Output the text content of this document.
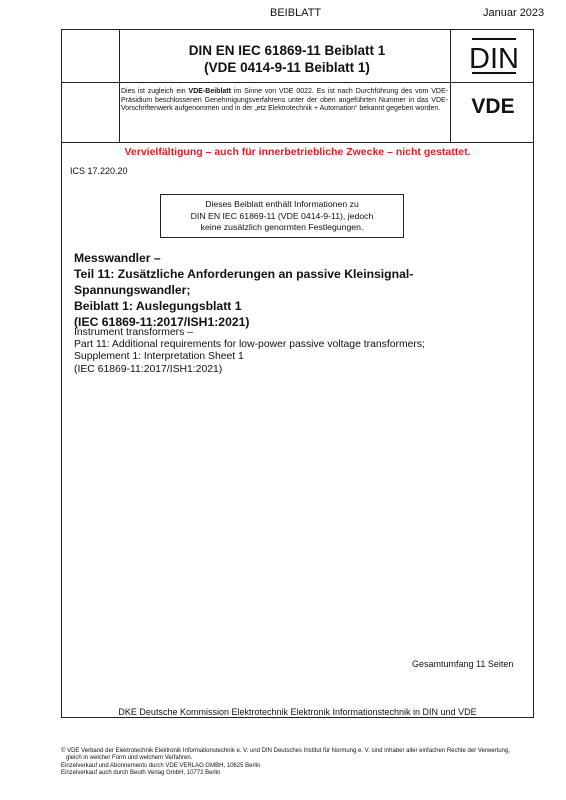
BEIBLATT	Januar 2023
DIN EN IEC 61869-11 Beiblatt 1
(VDE 0414-9-11 Beiblatt 1)	DIN
Dies ist zugleich ein VDE-Beiblatt im Sinne von VDE 0022. Es ist nach Durchführung des vom VDE-Präsidium beschlossenen Genehmigungsverfahrens unter der oben angeführten Nummer in das VDE-Vorschriftenwerk aufgenommen und in der „etz Elektrotechnik + Automation“ bekannt gegeben worden.	VDE
Vervielfältigung – auch für innerbetriebliche Zwecke – nicht gestattet.
ICS 17.220.20
Dieses Beiblatt enthält Informationen zu
DIN EN IEC 61869-11 (VDE 0414-9-11), jedoch
keine zusätzlich genormten Festlegungen.
Messwandler –
Teil 11: Zusätzliche Anforderungen an passive Kleinsignal-
Spannungswandler;
Beiblatt 1: Auslegungsblatt 1
(IEC 61869-11:2017/ISH1:2021)
Instrument transformers –
Part 11: Additional requirements for low-power passive voltage transformers;
Supplement 1: Interpretation Sheet 1
(IEC 61869-11:2017/ISH1:2021)
Gesamtumfang 11 Seiten
DKE Deutsche Kommission Elektrotechnik Elektronik Informationstechnik in DIN und VDE
© VDE Verband der Elektrotechnik Elektronik Informationstechnik e. V. und DIN Deutsches Institut für Normung e. V. sind Inhaber aller einfachen Rechte der Verwertung,
gleich in welcher Form und welchem Verfahren.
Einzelverkauf und Abonnements durch VDE VERLAG GMBH, 10625 Berlin
Einzelverkauf auch durch Beuth Verlag GmbH, 10772 Berlin
